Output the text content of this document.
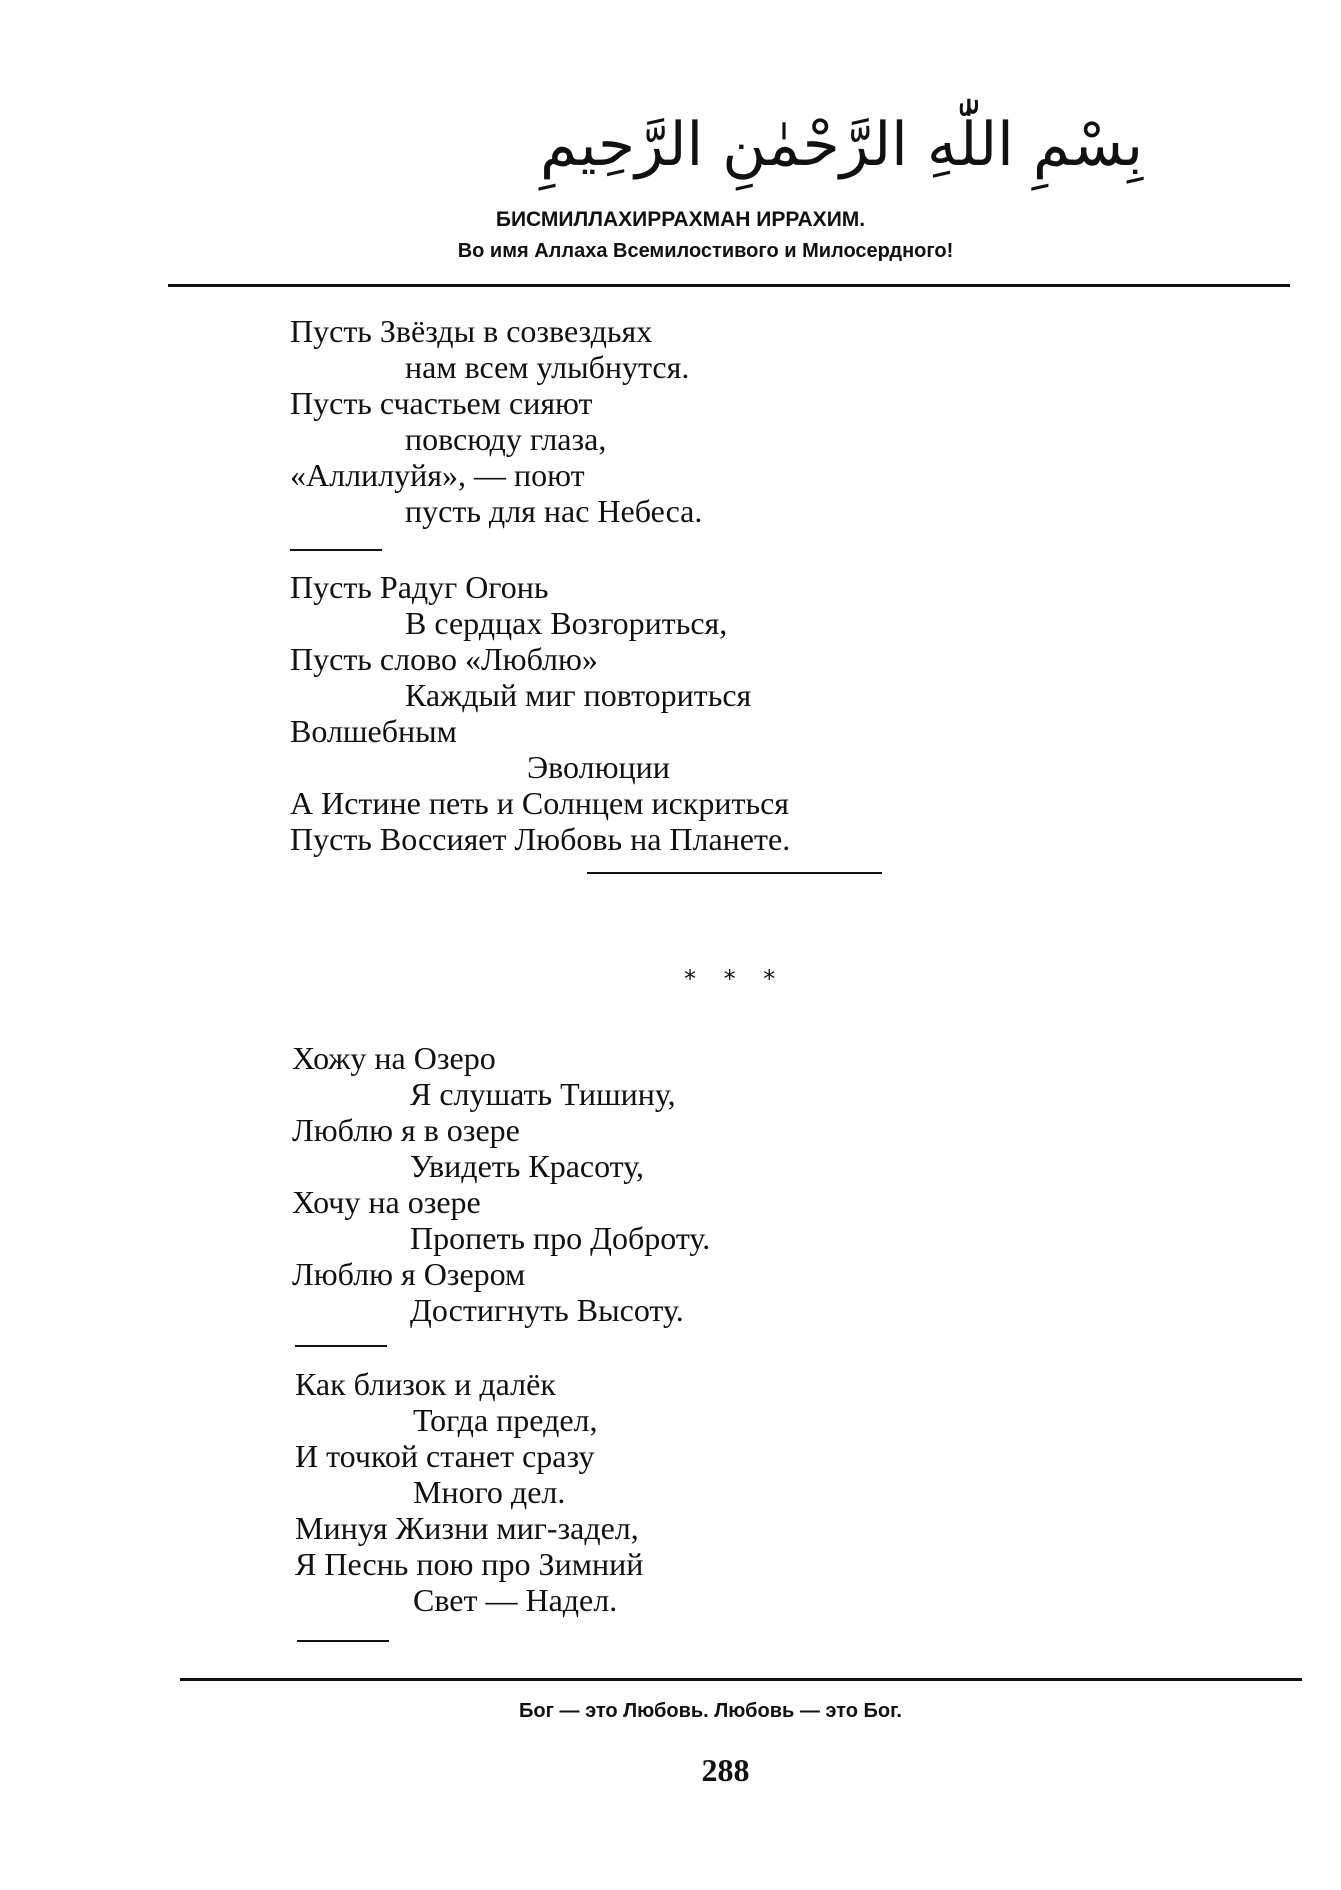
بِسْمِ اللّٰهِ الرَّحْمٰنِ الرَّحِيمِ
БИСМИЛЛАХИРРАХМАН ИРРАХИМ.
Во имя Аллаха Всемилостивого и Милосердного!
Пусть Звёзды в созвездьях
нам всем улыбнутся.
Пусть счастьем сияют
повсюду глаза,
«Аллилуйя», — поют
пусть для нас Небеса.
Пусть Радуг Огонь
В сердцах Возгориться,
Пусть слово «Люблю»
Каждый миг повториться
Волшебным
Эволюции
А Истине петь и Солнцем искриться
Пусть Воссияет Любовь на Планете.
* * *
Хожу на Озеро
Я слушать Тишину,
Люблю я в озере
Увидеть Красоту,
Хочу на озере
Пропеть про Доброту.
Люблю я Озером
Достигнуть Высоту.
Как близок и далёк
Тогда предел,
И точкой станет сразу
Много дел.
Минуя Жизни миг-задел,
Я Песнь пою про Зимний
Свет — Надел.
Бог — это Любовь. Любовь — это Бог.
288
